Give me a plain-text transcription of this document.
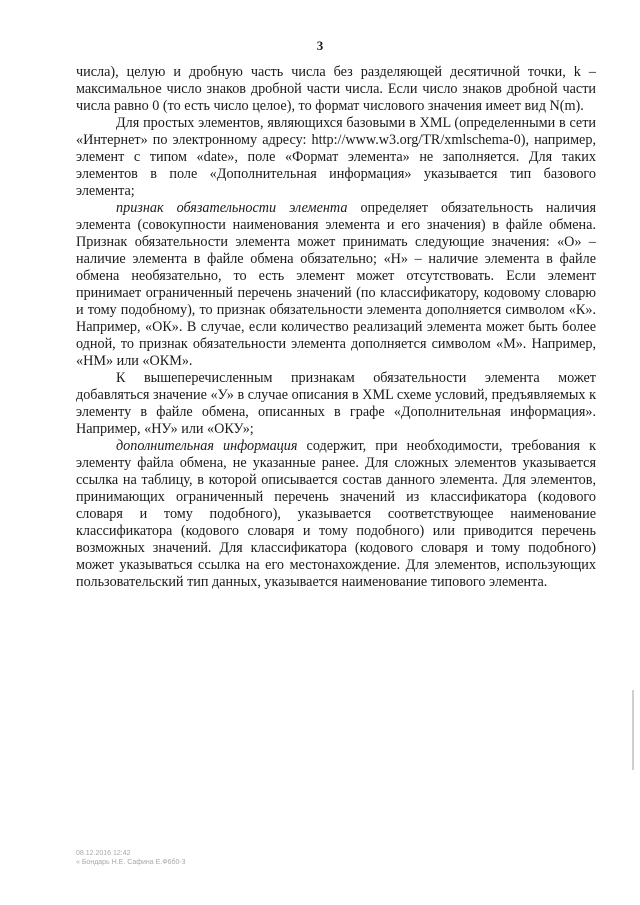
3

числа), целую и дробную часть числа без разделяющей десятичной точки, k – максимальное число знаков дробной части числа. Если число знаков дробной части числа равно 0 (то есть число целое), то формат числового значения имеет вид N(m).

Для простых элементов, являющихся базовыми в XML (определенными в сети «Интернет» по электронному адресу: http://www.w3.org/TR/xmlschema-0), например, элемент с типом «date», поле «Формат элемента» не заполняется. Для таких элементов в поле «Дополнительная информация» указывается тип базового элемента;

признак обязательности элемента определяет обязательность наличия элемента (совокупности наименования элемента и его значения) в файле обмена. Признак обязательности элемента может принимать следующие значения: «О» – наличие элемента в файле обмена обязательно; «Н» – наличие элемента в файле обмена необязательно, то есть элемент может отсутствовать. Если элемент принимает ограниченный перечень значений (по классификатору, кодовому словарю и тому подобному), то признак обязательности элемента дополняется символом «К». Например, «ОК». В случае, если количество реализаций элемента может быть более одной, то признак обязательности элемента дополняется символом «М». Например, «НМ» или «ОКМ».

К вышеперечисленным признакам обязательности элемента может добавляться значение «У» в случае описания в XML схеме условий, предъявляемых к элементу в файле обмена, описанных в графе «Дополнительная информация». Например, «НУ» или «ОКУ»;

дополнительная информация содержит, при необходимости, требования к элементу файла обмена, не указанные ранее. Для сложных элементов указывается ссылка на таблицу, в которой описывается состав данного элемента. Для элементов, принимающих ограниченный перечень значений из классификатора (кодового словаря и тому подобного), указывается соответствующее наименование классификатора (кодового словаря и тому подобного) или приводится перечень возможных значений. Для классификатора (кодового словаря и тому подобного) может указываться ссылка на его местонахождение. Для элементов, использующих пользовательский тип данных, указывается наименование типового элемента.

08.12.2016 12:42
« Бондарь Н.Е. Сафина Е.Ф6б0-3
